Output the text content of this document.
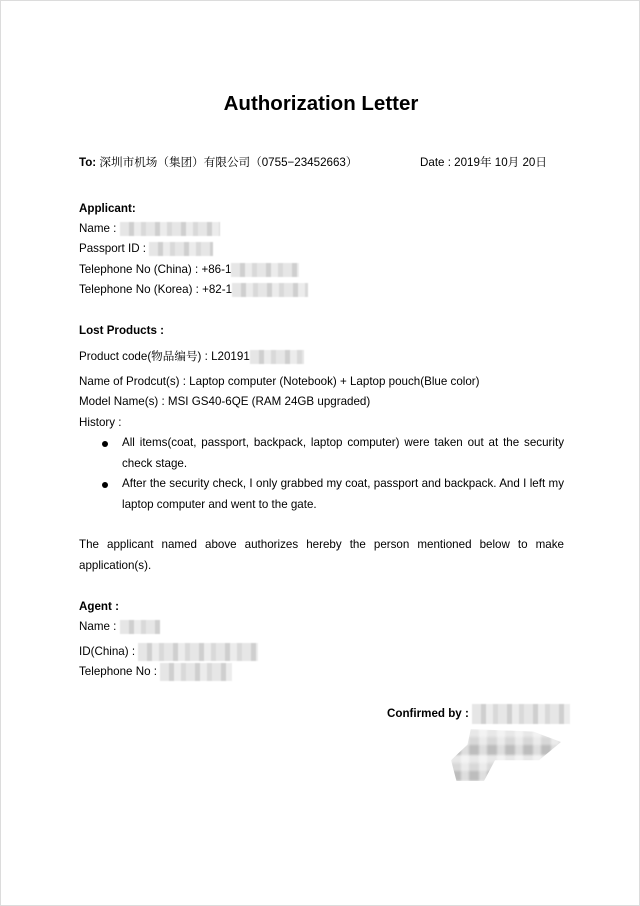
Authorization Letter
To: 深圳市机场（集团）有限公司（0755−23452663）	Date : 2019年 10月 20日
Applicant:
Name :
Passport ID :
Telephone No (China) : +86-1
Telephone No (Korea) : +82-1
Lost Products :
Product code(物品编号) : L20191
Name of Prodcut(s) : Laptop computer (Notebook) + Laptop pouch(Blue color)
Model Name(s) : MSI GS40-6QE (RAM 24GB upgraded)
History :
All items(coat, passport, backpack, laptop computer) were taken out at the security check stage.
After the security check, I only grabbed my coat, passport and backpack. And I left my laptop computer and went to the gate.
The applicant named above authorizes hereby the person mentioned below to make application(s).
Agent :
Name :
ID(China) :
Telephone No :
Confirmed by :
